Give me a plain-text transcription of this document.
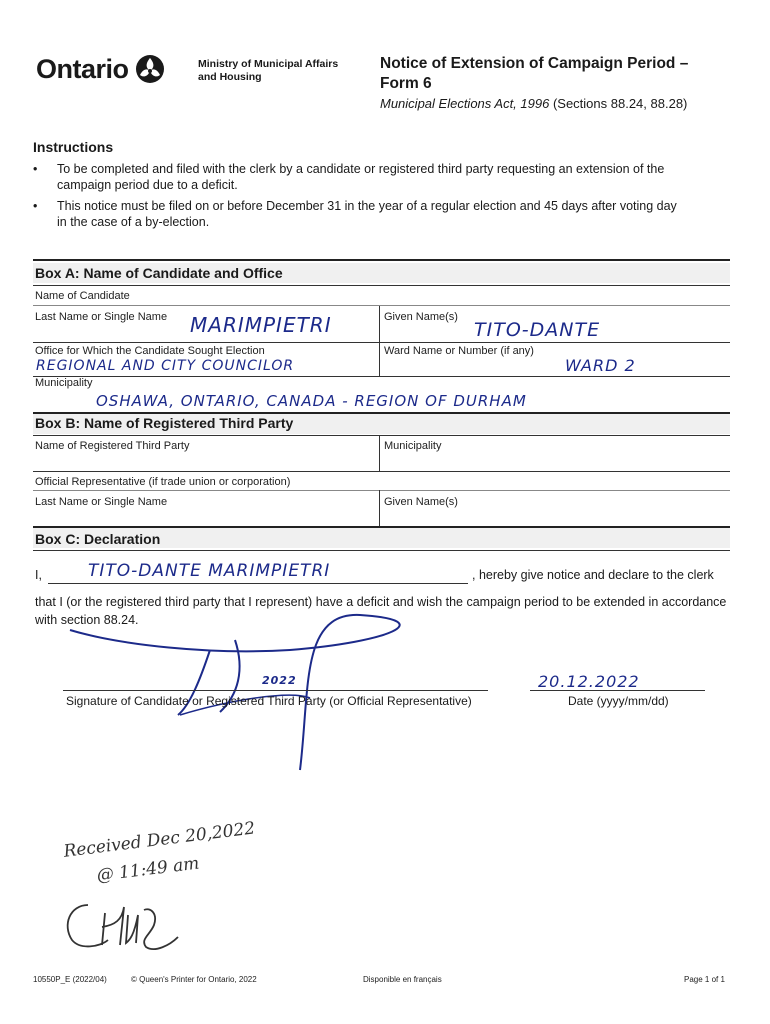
Ontario	Ministry of Municipal Affairs
and Housing
Notice of Extension of Campaign Period –
Form 6
Municipal Elections Act, 1996 (Sections 88.24, 88.28)
Instructions
• To be completed and filed with the clerk by a candidate or registered third party requesting an extension of the
campaign period due to a deficit.
• This notice must be filed on or before December 31 in the year of a regular election and 45 days after voting day
in the case of a by-election.
Box A: Name of Candidate and Office
Name of Candidate
Last Name or Single Name MARIMPIETRI	Given Name(s)
TITO-DANTE
Office for Which the Candidate Sought Election
REGIONAL AND CITY COUNCILOR
Ward Name or Number (if any)
WARD 2
Municipality
OSHAWA, ONTARIO, CANADA - REGION OF DURHAM
Box B: Name of Registered Third Party
Name of Registered Third Party	Municipality
Official Representative (if trade union or corporation)
Last Name or Single Name	Given Name(s)
Box C: Declaration
I,	TITO-DANTE MARIMPIETRI	, hereby give notice and declare to the clerk
that I (or the registered third party that I represent) have a deficit and wish the campaign period to be extended in accordance
with section 88.24.
2022
Signature of Candidate or Registered Third Party (or Official Representative)
20.12.2022
Date (yyyy/mm/dd)
Received Dec 20,2022
@ 11:49 am
10550P_E (2022/04)	© Queen's Printer for Ontario, 2022	Disponible en français	Page 1 of 1
